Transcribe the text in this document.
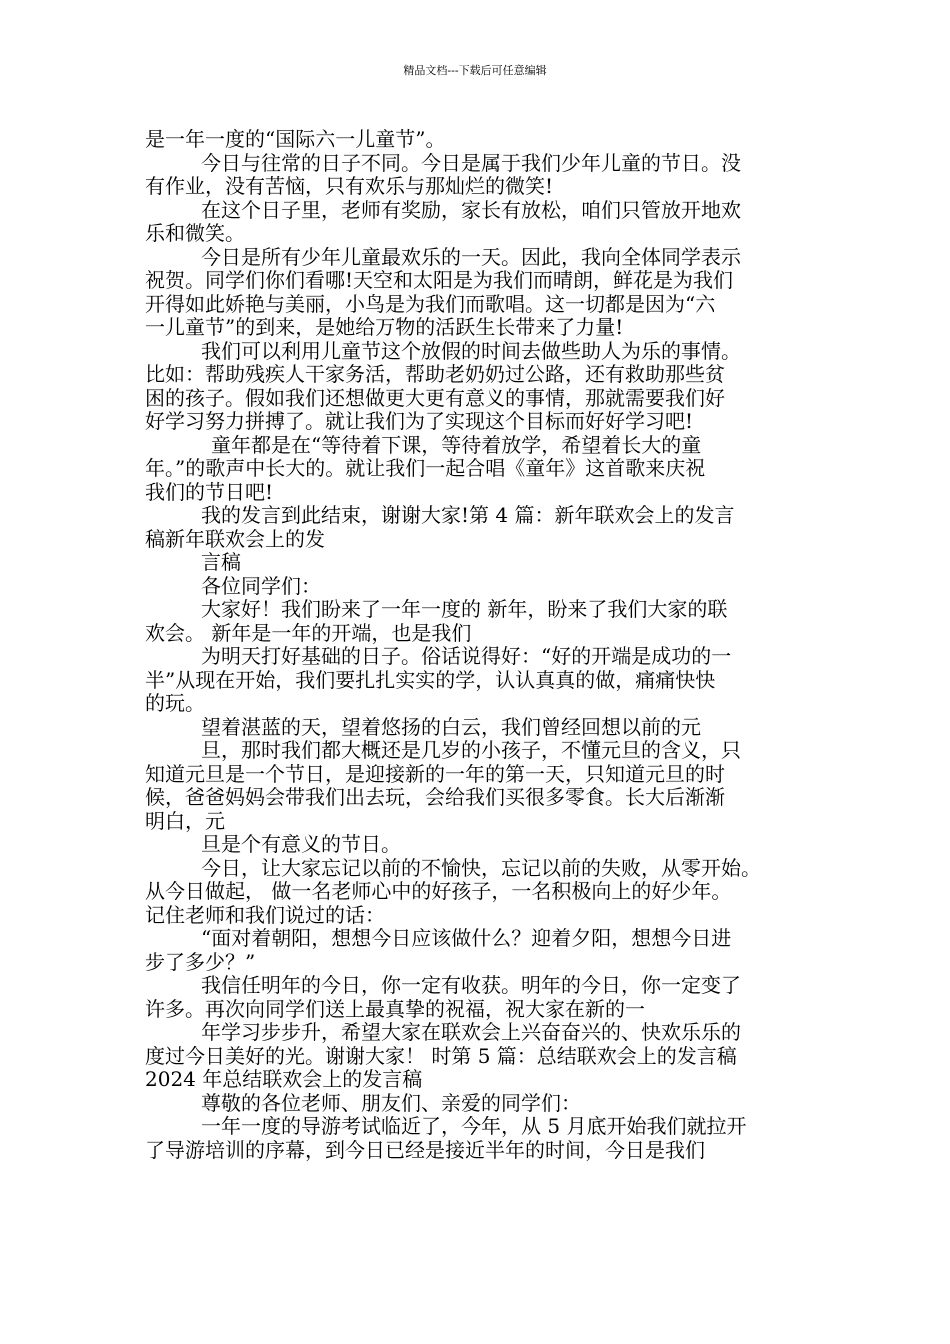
精品文档---下载后可任意编辑
是一年一度的“国际六一儿童节”。
今日与往常的日子不同。今日是属于我们少年儿童的节日。没
有作业，没有苦恼，只有欢乐与那灿烂的微笑!
在这个日子里，老师有奖励，家长有放松，咱们只管放开地欢
乐和微笑。
今日是所有少年儿童最欢乐的一天。因此，我向全体同学表示
祝贺。同学们你们看哪!天空和太阳是为我们而晴朗，鲜花是为我们
开得如此娇艳与美丽，小鸟是为我们而歌唱。这一切都是因为“六
一儿童节”的到来，是她给万物的活跃生长带来了力量!
我们可以利用儿童节这个放假的时间去做些助人为乐的事情。
比如：帮助残疾人干家务活，帮助老奶奶过公路，还有救助那些贫
困的孩子。假如我们还想做更大更有意义的事情，那就需要我们好
好学习努力拼搏了。就让我们为了实现这个目标而好好学习吧!
童年都是在“等待着下课，等待着放学，希望着长大的童
年。”的歌声中长大的。就让我们一起合唱《童年》这首歌来庆祝
我们的节日吧!
我的发言到此结束，谢谢大家!第 4 篇：新年联欢会上的发言
稿新年联欢会上的发
言稿
各位同学们：
大家好！我们盼来了一年一度的 新年，盼来了我们大家的联
欢会。 新年是一年的开端，也是我们
为明天打好基础的日子。俗话说得好：“好的开端是成功的一
半”从现在开始，我们要扎扎实实的学，认认真真的做，痛痛快快
的玩。
望着湛蓝的天，望着悠扬的白云，我们曾经回想以前的元
旦，那时我们都大概还是几岁的小孩子，不懂元旦的含义，只
知道元旦是一个节日，是迎接新的一年的第一天，只知道元旦的时
候，爸爸妈妈会带我们出去玩，会给我们买很多零食。长大后渐渐
明白，元
旦是个有意义的节日。
今日，让大家忘记以前的不愉快，忘记以前的失败，从零开始。
从今日做起， 做一名老师心中的好孩子，一名积极向上的好少年。
记住老师和我们说过的话：
“面对着朝阳，想想今日应该做什么？迎着夕阳，想想今日进
步了多少？”
我信任明年的今日，你一定有收获。明年的今日，你一定变了
许多。再次向同学们送上最真挚的祝福，祝大家在新的一
年学习步步升，希望大家在联欢会上兴奋奋兴的、快欢乐乐的
度过今日美好的光。谢谢大家！ 时第 5 篇：总结联欢会上的发言稿
2024 年总结联欢会上的发言稿
尊敬的各位老师、朋友们、亲爱的同学们：
一年一度的导游考试临近了，今年，从 5 月底开始我们就拉开
了导游培训的序幕，到今日已经是接近半年的时间，今日是我们
